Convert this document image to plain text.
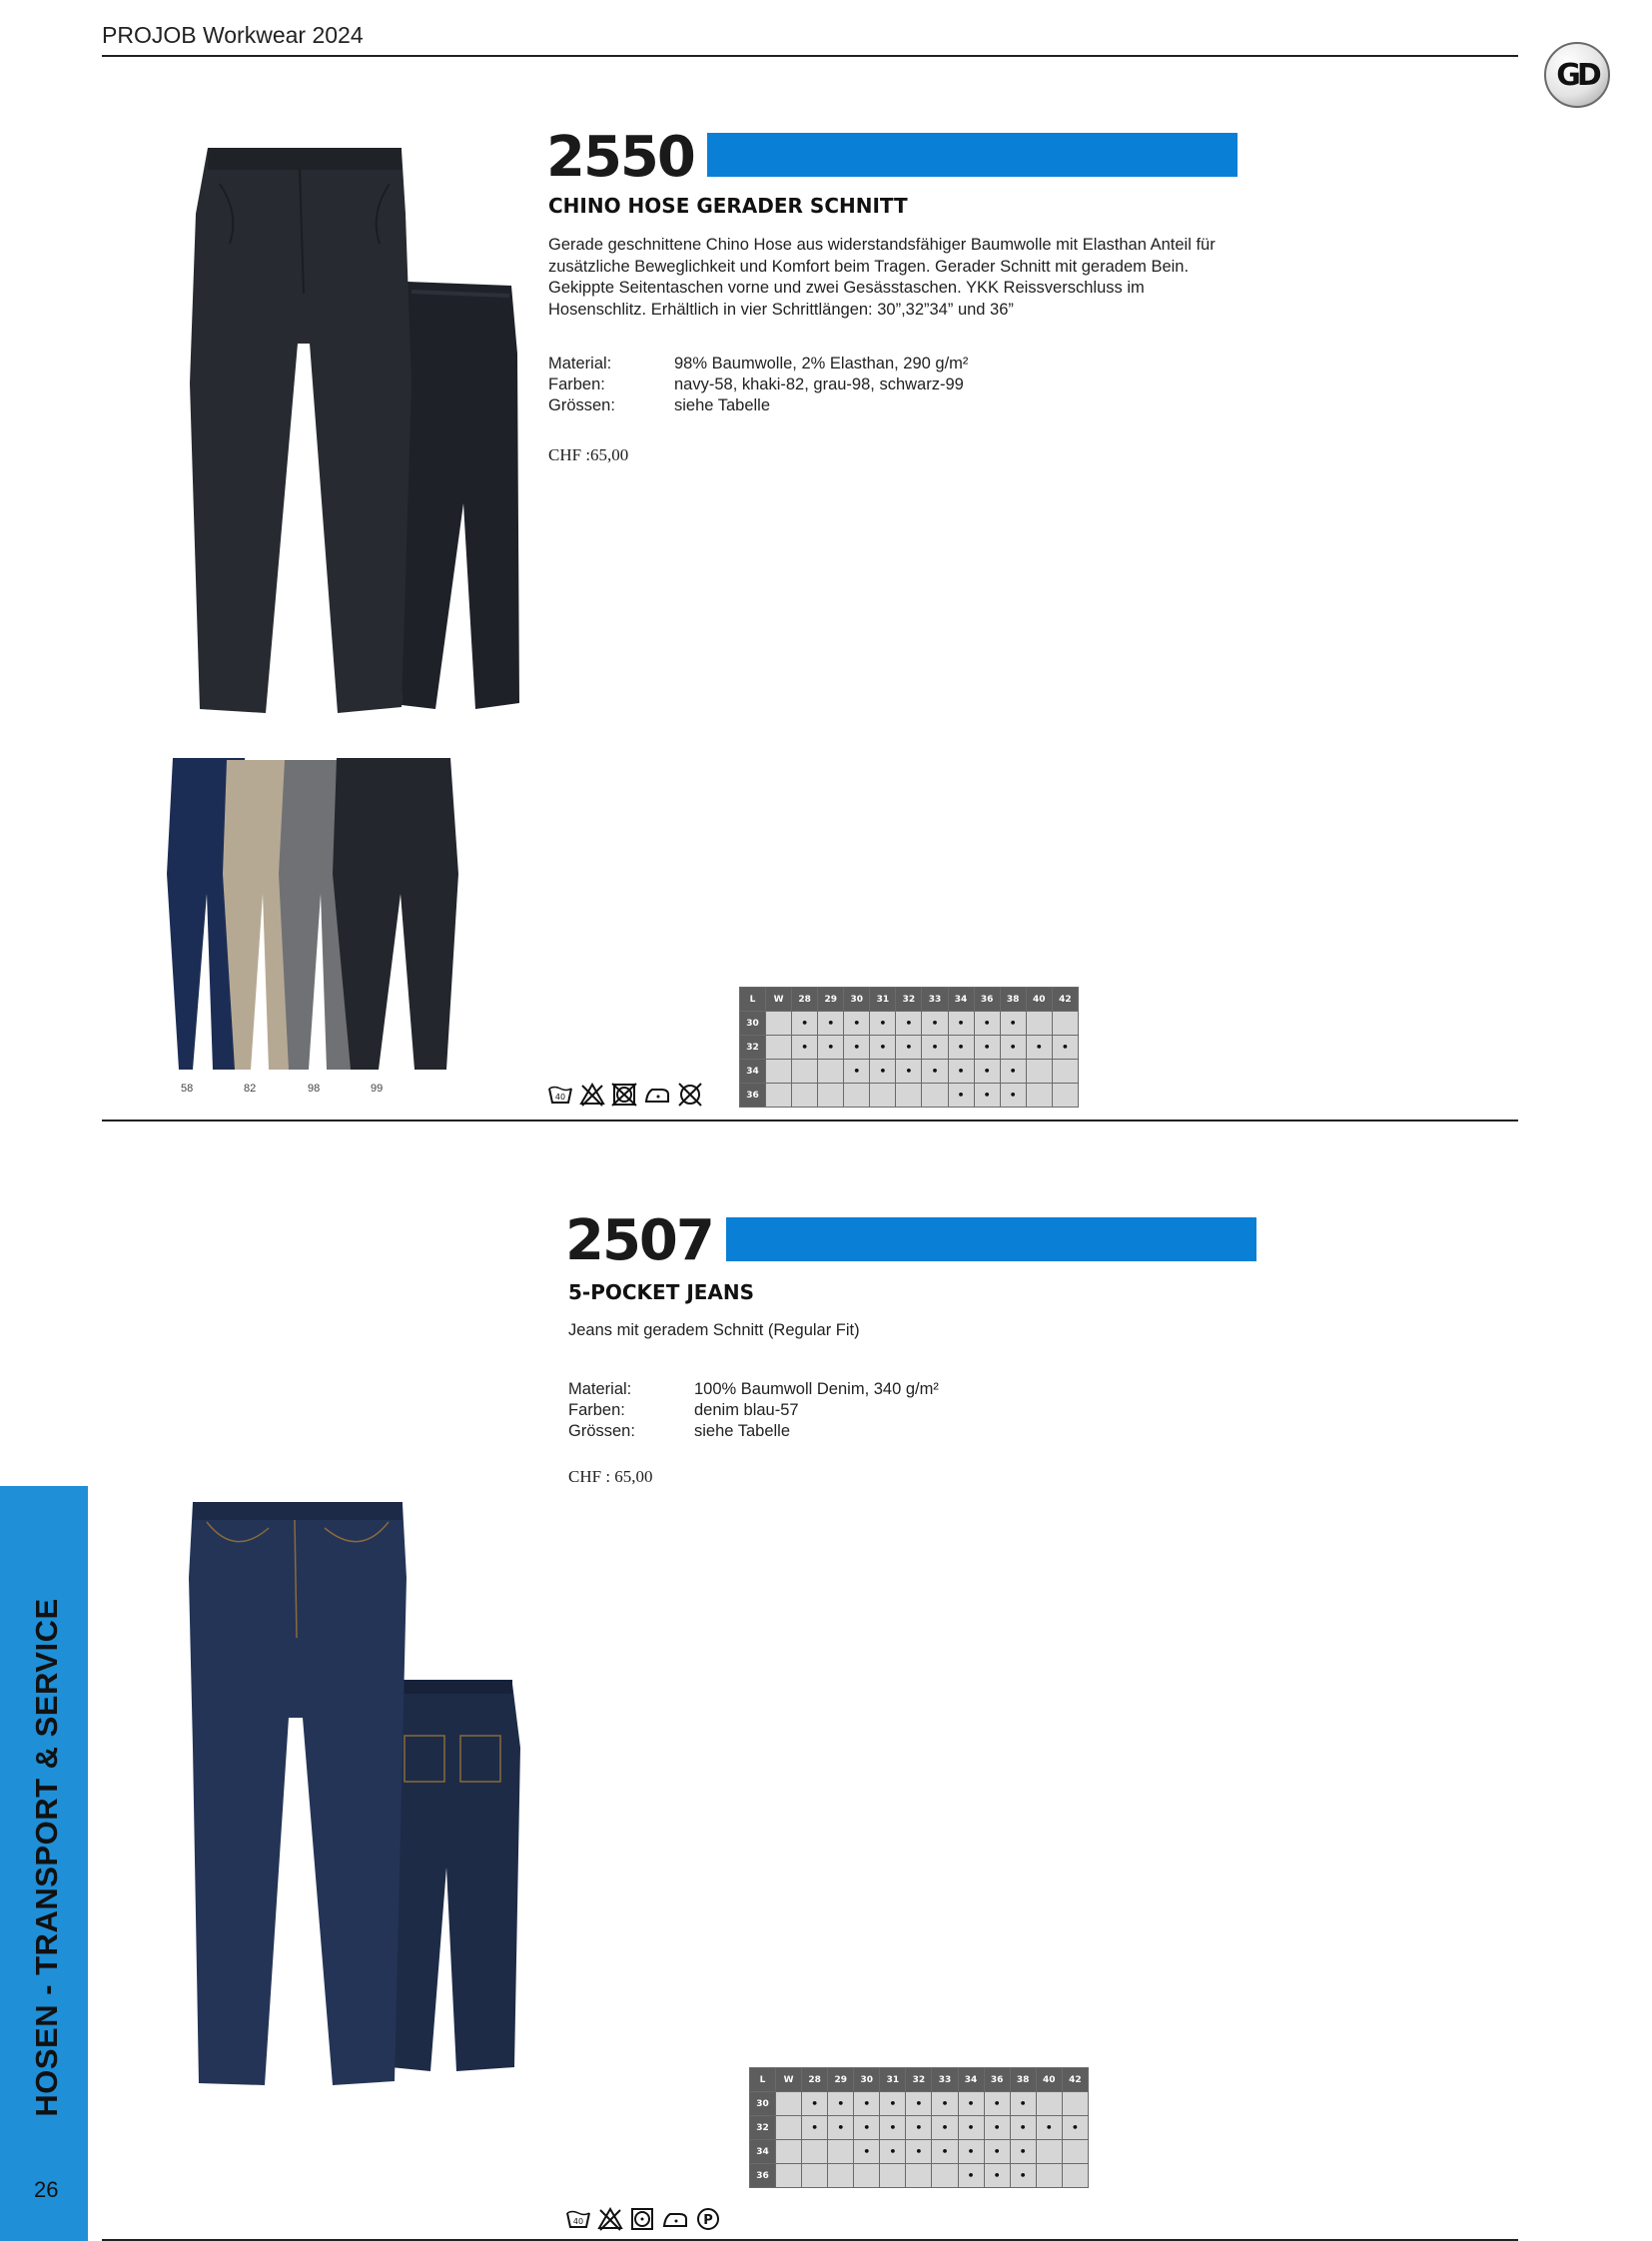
PROJOB Workwear 2024
GD
58	82	98	99
2550
CHINO HOSE GERADER SCHNITT
Gerade geschnittene Chino Hose aus widerstandsfähiger Baumwolle mit Elasthan Anteil für zusätzliche Beweglichkeit und Komfort beim Tragen. Gerader Schnitt mit geradem Bein. Gekippte Seitentaschen vorne und zwei Gesässtaschen. YKK Reissverschluss im Hosenschlitz. Erhältlich in vier Schrittlängen: 30”,32”34” und 36”
Material:	98% Baumwolle, 2% Elasthan, 290 g/m²
Farben:	navy-58, khaki-82, grau-98, schwarz-99
Grössen:	siehe Tabelle
CHF :65,00
40
L	W	28	29	30	31	32	33	34	36	38	40	42
30		•	•	•	•	•	•	•	•	•		
32		•	•	•	•	•	•	•	•	•	•	•
34				•	•	•	•	•	•	•		
36								•	•	•		
2507
5-POCKET JEANS
Jeans mit geradem Schnitt (Regular Fit)
Material:	100% Baumwoll Denim, 340 g/m²
Farben:	denim blau-57
Grössen:	siehe Tabelle
CHF : 65,00
40	P
L	W	28	29	30	31	32	33	34	36	38	40	42
30		•	•	•	•	•	•	•	•	•		
32		•	•	•	•	•	•	•	•	•	•	•
34				•	•	•	•	•	•	•		
36								•	•	•		
HOSEN - TRANSPORT & SERVICE
26
